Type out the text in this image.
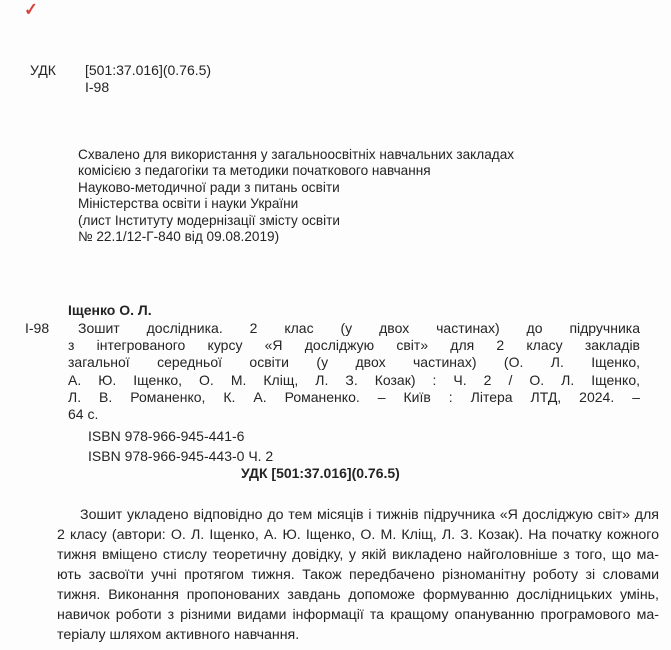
✓
УДК	[501:37.016](0.76.5)
І-98
Схвалено для використання у загальноосвітніх навчальних закладах
комісією з педагогіки та методики початкового навчання
Науково-методичної ради з питань освіти
Міністерства освіти і науки України
(лист Інституту модернізації змісту освіти
№ 22.1/12-Г-840 від 09.08.2019)
Іщенко О. Л.
І-98	Зошит дослідника. 2 клас (у двох частинах) до підручника
з інтегрованого курсу «Я досліджую світ» для 2 класу закладів
загальної середньої освіти (у двох частинах) (О. Л. Іщенко,
А. Ю. Іщенко, О. М. Кліщ, Л. З. Козак) : Ч. 2 / О. Л. Іщенко,
Л. В. Романенко, К. А. Романенко. – Київ : Літера ЛТД, 2024. –
64 с.
ISBN 978-966-945-441-6
ISBN 978-966-945-443-0 Ч. 2
УДК [501:37.016](0.76.5)
Зошит укладено відповідно до тем місяців і тижнів підручника «Я досліджую світ» для
2 класу (автори: О. Л. Іщенко, А. Ю. Іщенко, О. М. Кліщ, Л. З. Козак). На початку кожного
тижня вміщено стислу теоретичну довідку, у якій викладено найголовніше з того, що ма-
ють засвоїти учні протягом тижня. Також передбачено різноманітну роботу зі словами
тижня. Виконання пропонованих завдань допоможе формуванню дослідницьких умінь,
навичок роботи з різними видами інформації та кращому опануванню програмового ма-
теріалу шляхом активного навчання.
